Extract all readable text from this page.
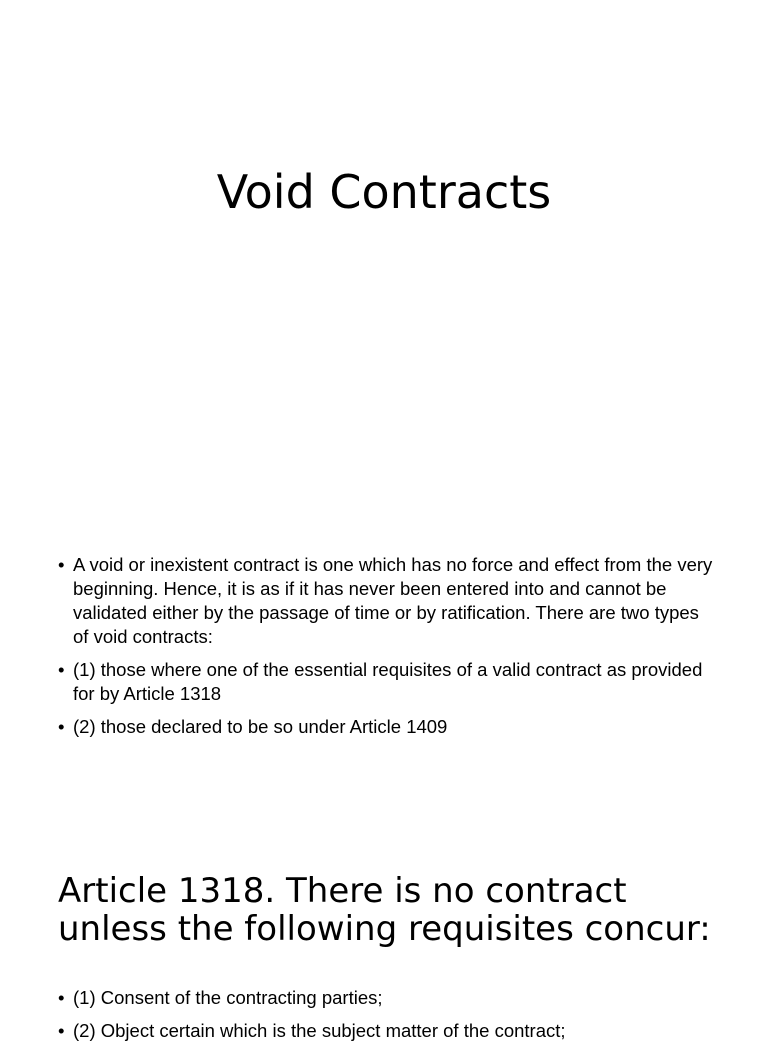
Void Contracts
• A void or inexistent contract is one which has no force and effect from the very beginning. Hence, it is as if it has never been entered into and cannot be validated either by the passage of time or by ratification. There are two types of void contracts:
• (1) those where one of the essential requisites of a valid contract as provided for by Article 1318
• (2) those declared to be so under Article 1409
Article 1318. There is no contract unless the following requisites concur:
• (1) Consent of the contracting parties;
• (2) Object certain which is the subject matter of the contract;
